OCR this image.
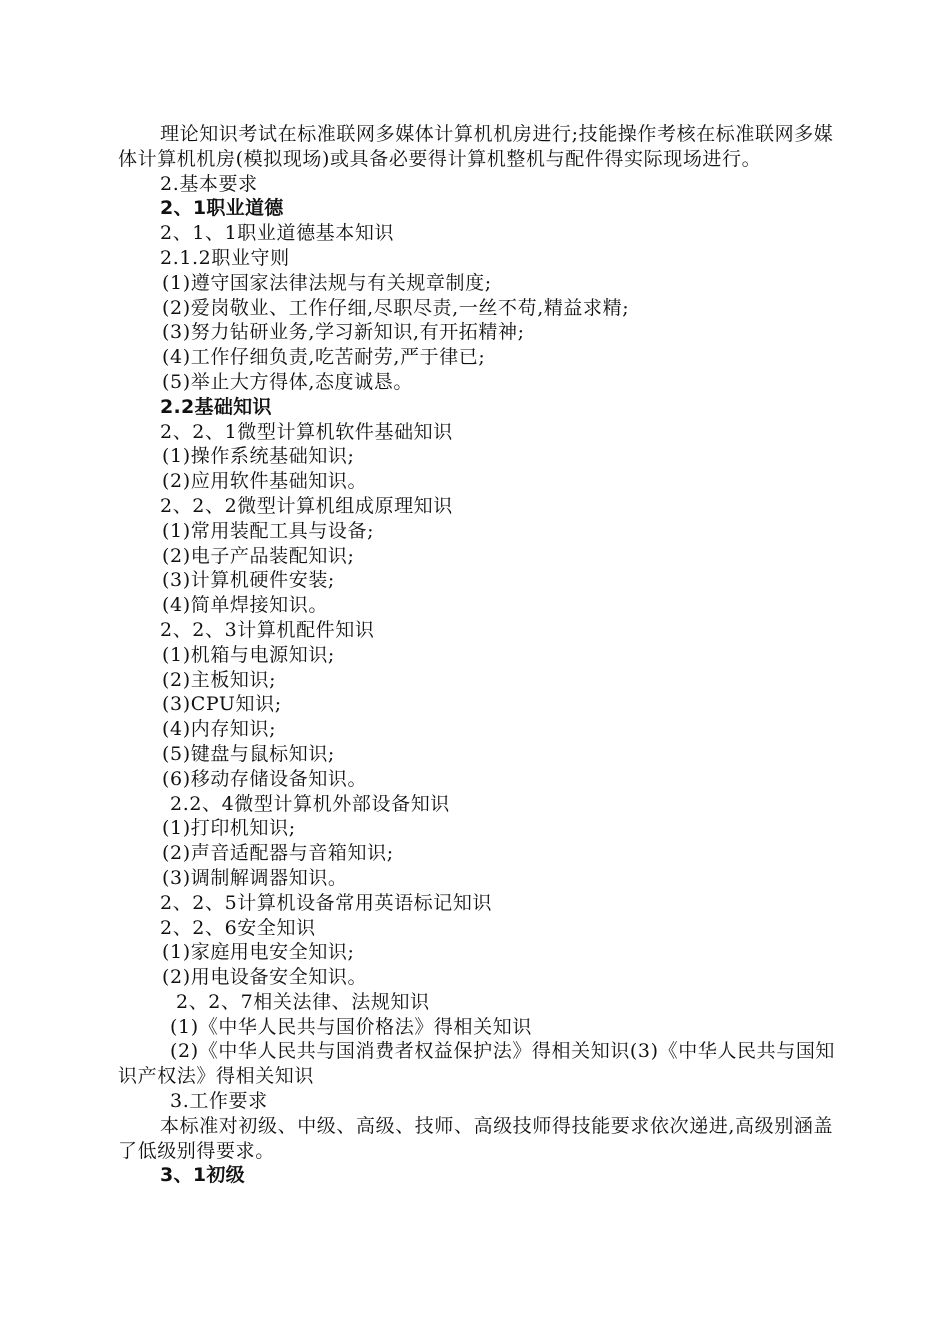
理论知识考试在标准联网多媒体计算机机房进行;技能操作考核在标准联网多媒体计算机机房(模拟现场)或具备必要得计算机整机与配件得实际现场进行。
2.基本要求
2、1职业道德
2、1、1职业道德基本知识
2.1.2职业守则
(1)遵守国家法律法规与有关规章制度;
(2)爱岗敬业、工作仔细,尽职尽责,一丝不苟,精益求精;
(3)努力钻研业务,学习新知识,有开拓精神;
(4)工作仔细负责,吃苦耐劳,严于律已;
(5)举止大方得体,态度诚恳。
2.2基础知识
2、2、1微型计算机软件基础知识
(1)操作系统基础知识;
(2)应用软件基础知识。
2、2、2微型计算机组成原理知识
(1)常用装配工具与设备;
(2)电子产品装配知识;
(3)计算机硬件安装;
(4)简单焊接知识。
2、2、3计算机配件知识
(1)机箱与电源知识;
(2)主板知识;
(3)CPU知识;
(4)内存知识;
(5)键盘与鼠标知识;
(6)移动存储设备知识。
2.2、4微型计算机外部设备知识
(1)打印机知识;
(2)声音适配器与音箱知识;
(3)调制解调器知识。
2、2、5计算机设备常用英语标记知识
2、2、6安全知识
(1)家庭用电安全知识;
(2)用电设备安全知识。
2、2、7相关法律、法规知识
(1)《中华人民共与国价格法》得相关知识
(2)《中华人民共与国消费者权益保护法》得相关知识(3)《中华人民共与国知识产权法》得相关知识
3.工作要求
本标准对初级、中级、高级、技师、高级技师得技能要求依次递进,高级别涵盖了低级别得要求。
3、1初级
